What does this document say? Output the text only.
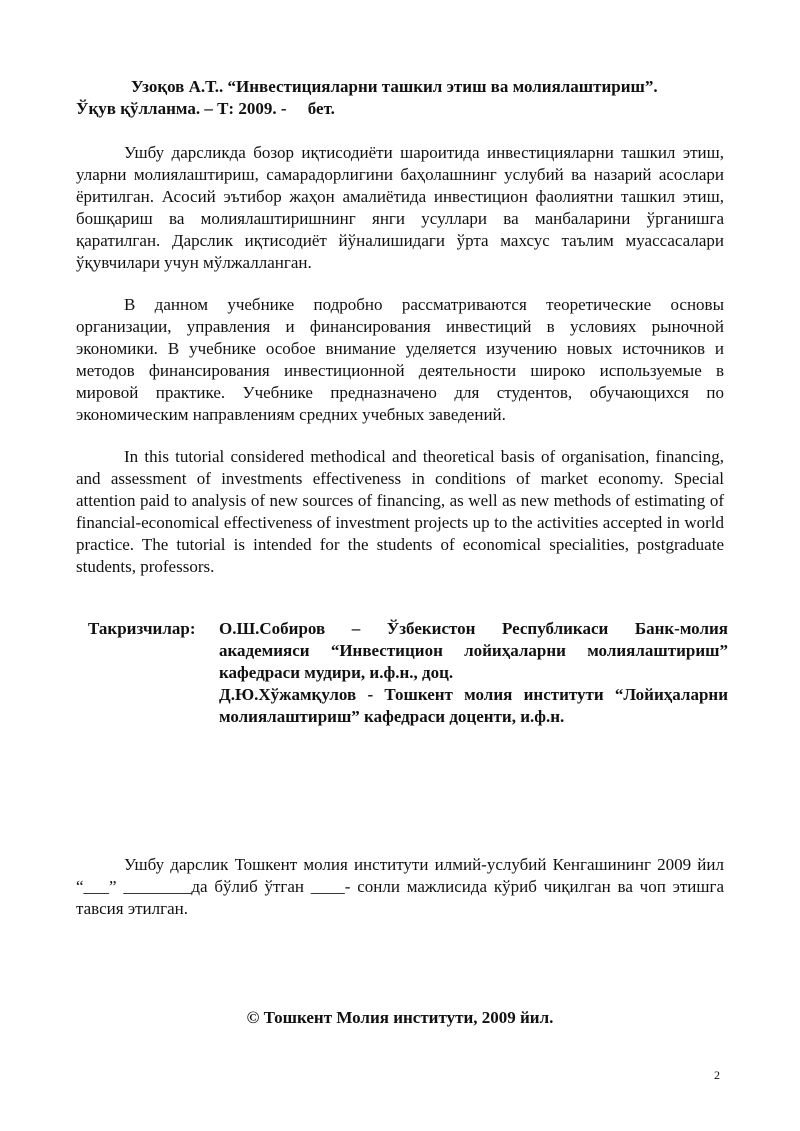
Узоқов А.Т.. “Инвестицияларни ташкил этиш ва молиялаштириш”.
Ўқув қўлланма. – Т: 2009. -     бет.

Ушбу дарсликда бозор иқтисодиёти шароитида инвестицияларни ташкил этиш, уларни молиялаштириш, самарадорлигини баҳолашнинг услубий ва назарий асослари ёритилган. Асосий эътибор жаҳон амалиётида инвестицион фаолиятни ташкил этиш, бошқариш ва молиялаштиришнинг янги усуллари ва манбаларини ўрганишга қаратилган. Дарслик иқтисодиёт йўналишидаги ўрта махсус таълим муассасалари ўқувчилари учун мўлжалланган.

В данном учебнике подробно рассматриваются теоретические основы организации, управления и финансирования инвестиций в условиях рыночной экономики. В учебнике особое внимание уделяется изучению новых источников и методов финансирования инвестиционной деятельности широко используемые в мировой практике. Учебнике предназначено для студентов, обучающихся по экономическим направлениям средних учебных заведений.

In this tutorial considered methodical and theoretical basis of organisation, financing, and assessment of investments effectiveness in conditions of market economy. Special attention paid to analysis of new sources of financing, as well as new methods of estimating of financial-economical effectiveness of investment projects up to the activities accepted in world practice. The tutorial is intended for the students of economical specialities, postgraduate students, professors.

Такризчилар: О.Ш.Собиров – Ўзбекистон Республикаси Банк-молия академияси “Инвестицион лойиҳаларни молиялаштириш” кафедраси мудири, и.ф.н., доц.

Д.Ю.Хўжамқулов - Тошкент молия институти “Лойиҳаларни молиялаштириш” кафедраси доценти, и.ф.н.

Ушбу дарслик Тошкент молия институти илмий-услубий Кенгашининг 2009 йил “___” ________да бўлиб ўтган ____- сонли мажлисида кўриб чиқилган ва чоп этишга тавсия этилган.

© Тошкент Молия институти, 2009 йил.
2
